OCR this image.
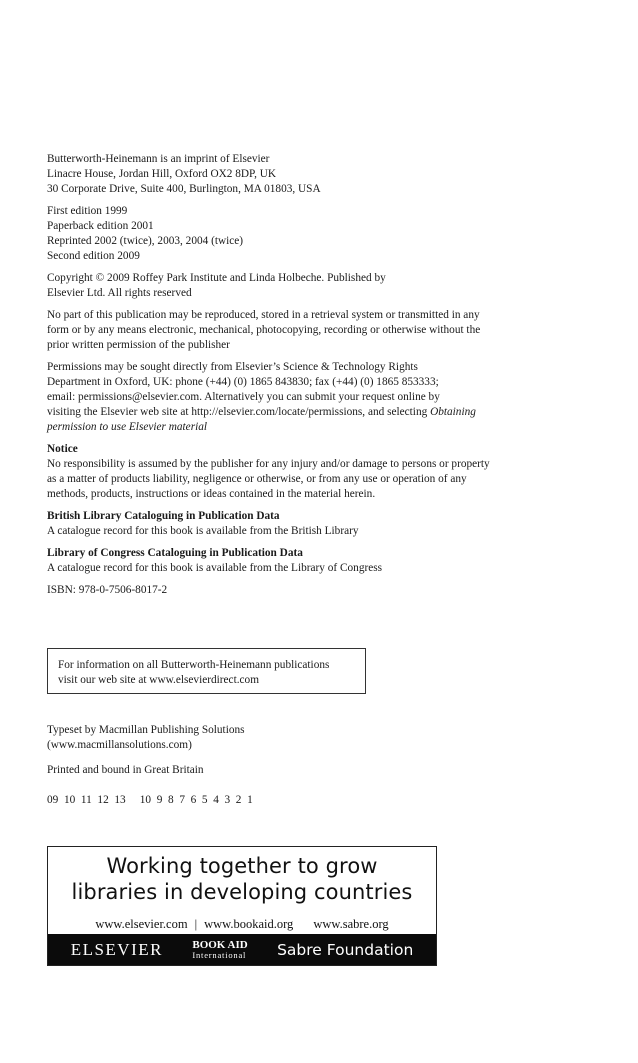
Butterworth-Heinemann is an imprint of Elsevier
Linacre House, Jordan Hill, Oxford OX2 8DP, UK
30 Corporate Drive, Suite 400, Burlington, MA 01803, USA
First edition 1999
Paperback edition 2001
Reprinted 2002 (twice), 2003, 2004 (twice)
Second edition 2009
Copyright © 2009 Roffey Park Institute and Linda Holbeche. Published by
Elsevier Ltd. All rights reserved
No part of this publication may be reproduced, stored in a retrieval system or transmitted in any
form or by any means electronic, mechanical, photocopying, recording or otherwise without the
prior written permission of the publisher
Permissions may be sought directly from Elsevier’s Science & Technology Rights
Department in Oxford, UK: phone (+44) (0) 1865 843830; fax (+44) (0) 1865 853333;
email: permissions@elsevier.com. Alternatively you can submit your request online by
visiting the Elsevier web site at http://elsevier.com/locate/permissions, and selecting Obtaining
permission to use Elsevier material
Notice
No responsibility is assumed by the publisher for any injury and/or damage to persons or property
as a matter of products liability, negligence or otherwise, or from any use or operation of any
methods, products, instructions or ideas contained in the material herein.
British Library Cataloguing in Publication Data
A catalogue record for this book is available from the British Library
Library of Congress Cataloguing in Publication Data
A catalogue record for this book is available from the Library of Congress
ISBN: 978-0-7506-8017-2
For information on all Butterworth-Heinemann publications
visit our web site at www.elsevierdirect.com
Typeset by Macmillan Publishing Solutions
(www.macmillansolutions.com)
Printed and bound in Great Britain
09  10  11  12  13     10  9  8  7  6  5  4  3  2  1
Working together to grow
libraries in developing countries
www.elsevier.com | www.bookaid.org www.sabre.org
ELSEVIER	BOOK AID
International Sabre Foundation
